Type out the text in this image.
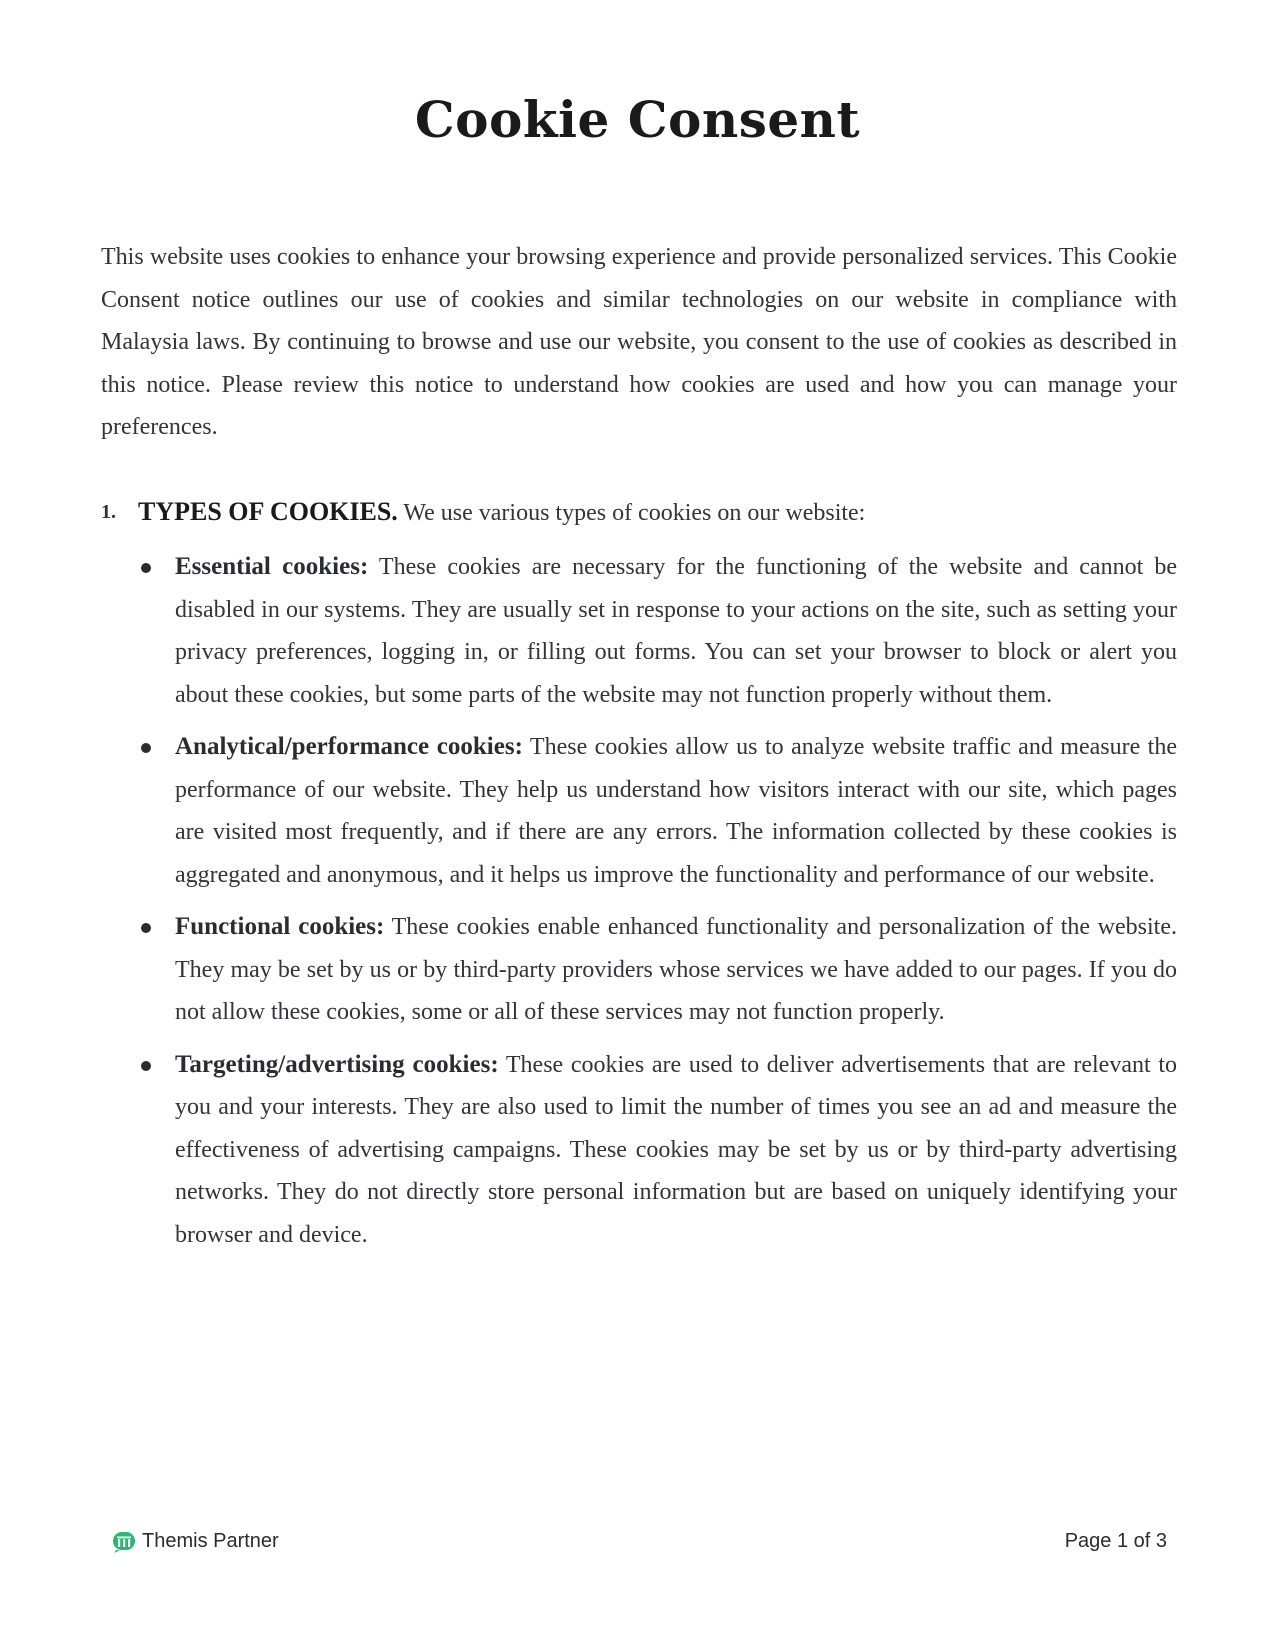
Cookie Consent

This website uses cookies to enhance your browsing experience and provide personalized services. This Cookie Consent notice outlines our use of cookies and similar technologies on our website in compliance with Malaysia laws. By continuing to browse and use our website, you consent to the use of cookies as described in this notice. Please review this notice to understand how cookies are used and how you can manage your preferences.

1. TYPES OF COOKIES. We use various types of cookies on our website:
Essential cookies: These cookies are necessary for the functioning of the website and cannot be disabled in our systems. They are usually set in response to your actions on the site, such as setting your privacy preferences, logging in, or filling out forms. You can set your browser to block or alert you about these cookies, but some parts of the website may not function properly without them.
Analytical/performance cookies: These cookies allow us to analyze website traffic and measure the performance of our website. They help us understand how visitors interact with our site, which pages are visited most frequently, and if there are any errors. The information collected by these cookies is aggregated and anonymous, and it helps us improve the functionality and performance of our website.
Functional cookies: These cookies enable enhanced functionality and personalization of the website. They may be set by us or by third-party providers whose services we have added to our pages. If you do not allow these cookies, some or all of these services may not function properly.
Targeting/advertising cookies: These cookies are used to deliver advertisements that are relevant to you and your interests. They are also used to limit the number of times you see an ad and measure the effectiveness of advertising campaigns. These cookies may be set by us or by third-party advertising networks. They do not directly store personal information but are based on uniquely identifying your browser and device.
Themis Partner	Page 1 of 3
